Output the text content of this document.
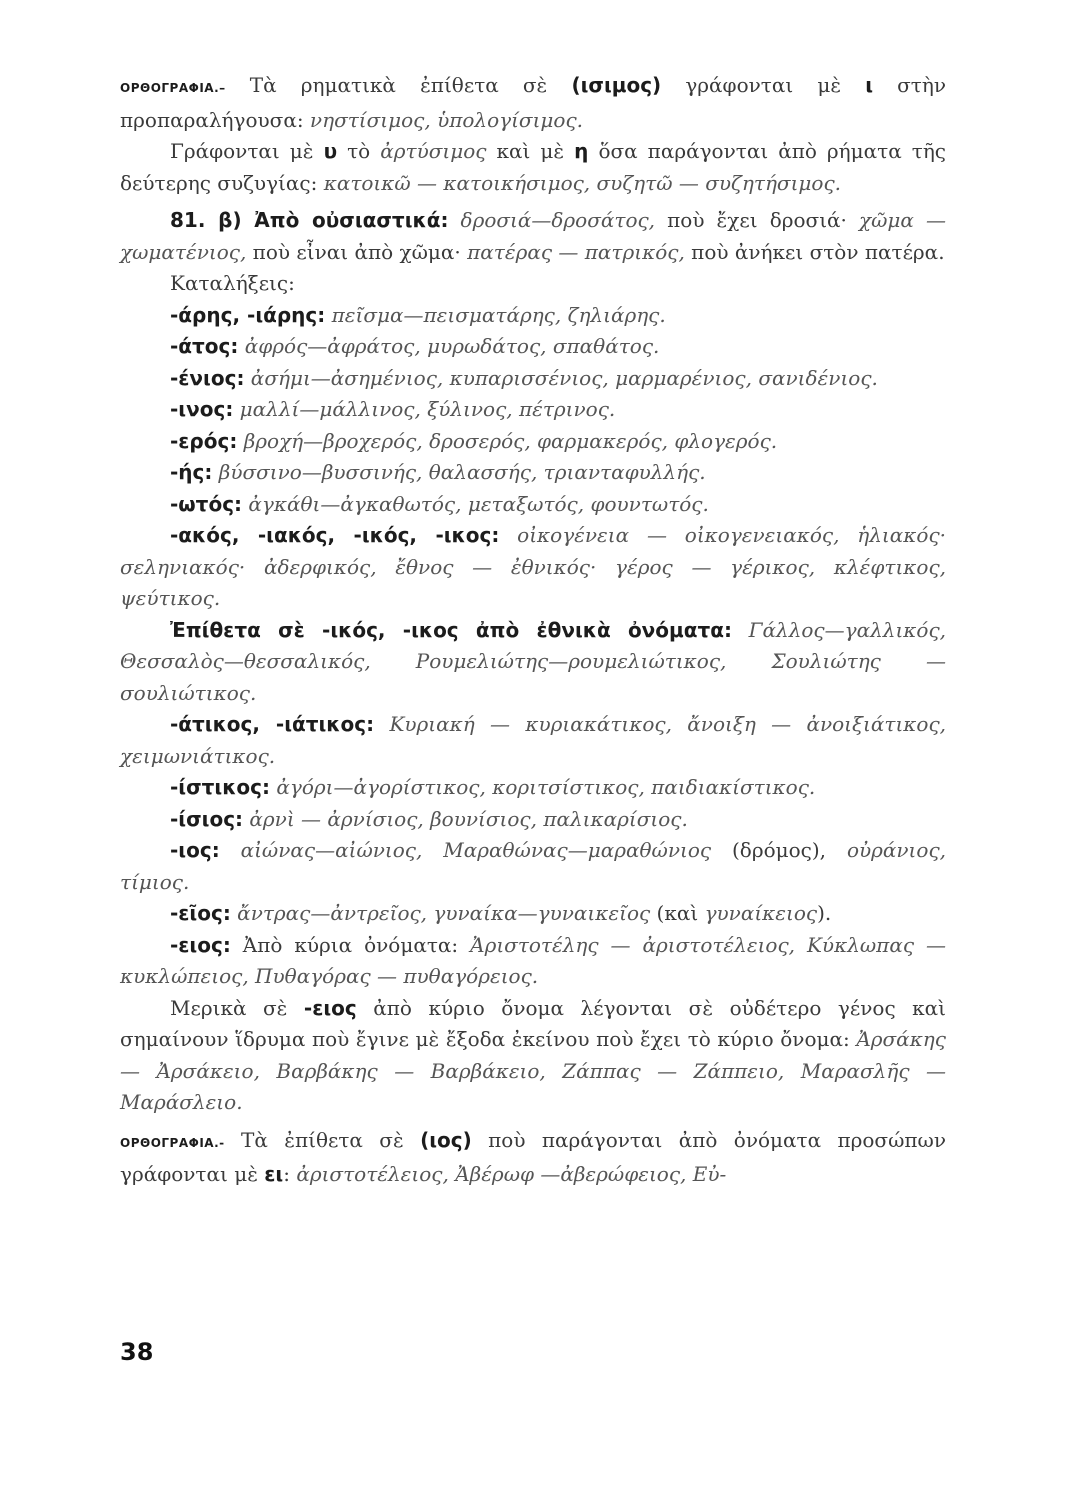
ΟΡΘΟΓΡΑΦΙΑ.– Τὰ ρηματικὰ ἐπίθετα σὲ (ισιμος) γράφονται μὲ ι στὴν προπαραλήγουσα: νηστίσιμος, ὑπολογίσιμος.

Γράφονται μὲ υ τὸ ἀρτύσιμος καὶ μὲ η ὅσα παράγονται ἀπὸ ρήματα τῆς δεύτερης συζυγίας: κατοικῶ — κατοικήσιμος, συζητῶ — συζητήσιμος.

81. β) Ἀπὸ οὐσιαστικά: δροσιά—δροσάτος, ποὺ ἔχει δροσιά· χῶμα — χωματένιος, ποὺ εἶναι ἀπὸ χῶμα· πατέρας — πατρικός, ποὺ ἀνήκει στὸν πατέρα.

Καταλήξεις:

-άρης, -ιάρης: πεῖσμα—πεισματάρης, ζηλιάρης.

-άτος: ἀφρός—ἀφράτος, μυρωδάτος, σπαθάτος.

-ένιος: ἀσήμι—ἀσημένιος, κυπαρισσένιος, μαρμαρένιος, σανιδένιος.

-ινος: μαλλί—μάλλινος, ξύλινος, πέτρινος.

-ερός: βροχή—βροχερός, δροσερός, φαρμακερός, φλογερός.

-ής: βύσσινο—βυσσινής, θαλασσής, τριανταφυλλής.

-ωτός: ἀγκάθι—ἀγκαθωτός, μεταξωτός, φουντωτός.

-ακός, -ιακός, -ικός, -ικος: οἰκογένεια — οἰκογενειακός, ἡλιακός· σεληνιακός· ἀδερφικός, ἔθνος — ἐθνικός· γέρος — γέρικος, κλέφτικος, ψεύτικος.

Ἐπίθετα σὲ -ικός, -ικος ἀπὸ ἐθνικὰ ὀνόματα: Γάλλος—γαλλικός, Θεσσαλὸς—θεσσαλικός, Ρουμελιώτης—ρουμελιώτικος, Σουλιώτης —σουλιώτικος.

-άτικος, -ιάτικος: Κυριακή — κυριακάτικος, ἄνοιξη — ἀνοιξιάτικος, χειμωνιάτικος.

-ίστικος: ἀγόρι—ἀγορίστικος, κοριτσίστικος, παιδιακίστικος.

-ίσιος: ἀρνὶ — ἀρνίσιος, βουνίσιος, παλικαρίσιος.

-ιος: αἰώνας—αἰώνιος, Μαραθώνας—μαραθώνιος (δρόμος), οὐράνιος, τίμιος.

-εῖος: ἄντρας—ἀντρεῖος, γυναίκα—γυναικεῖος (καὶ γυναίκειος).

-ειος: Ἀπὸ κύρια ὀνόματα: Ἀριστοτέλης — ἀριστοτέλειος, Κύκλωπας — κυκλώπειος, Πυθαγόρας — πυθαγόρειος.

Μερικὰ σὲ -ειος ἀπὸ κύριο ὄνομα λέγονται σὲ οὐδέτερο γένος καὶ σημαίνουν ἵδρυμα ποὺ ἔγινε μὲ ἔξοδα ἐκείνου ποὺ ἔχει τὸ κύριο ὄνομα: Ἀρσάκης — Ἀρσάκειο, Βαρβάκης — Βαρβάκειο, Ζάππας — Ζάππειο, Μαρασλῆς — Μαράσλειο.

ΟΡΘΟΓΡΑΦΙΑ.- Τὰ ἐπίθετα σὲ (ιος) ποὺ παράγονται ἀπὸ ὀνόματα προσώπων γράφονται μὲ ει: ἀριστοτέλειος, Ἀβέρωφ —ἀβερώφειος, Εὐ-

38
